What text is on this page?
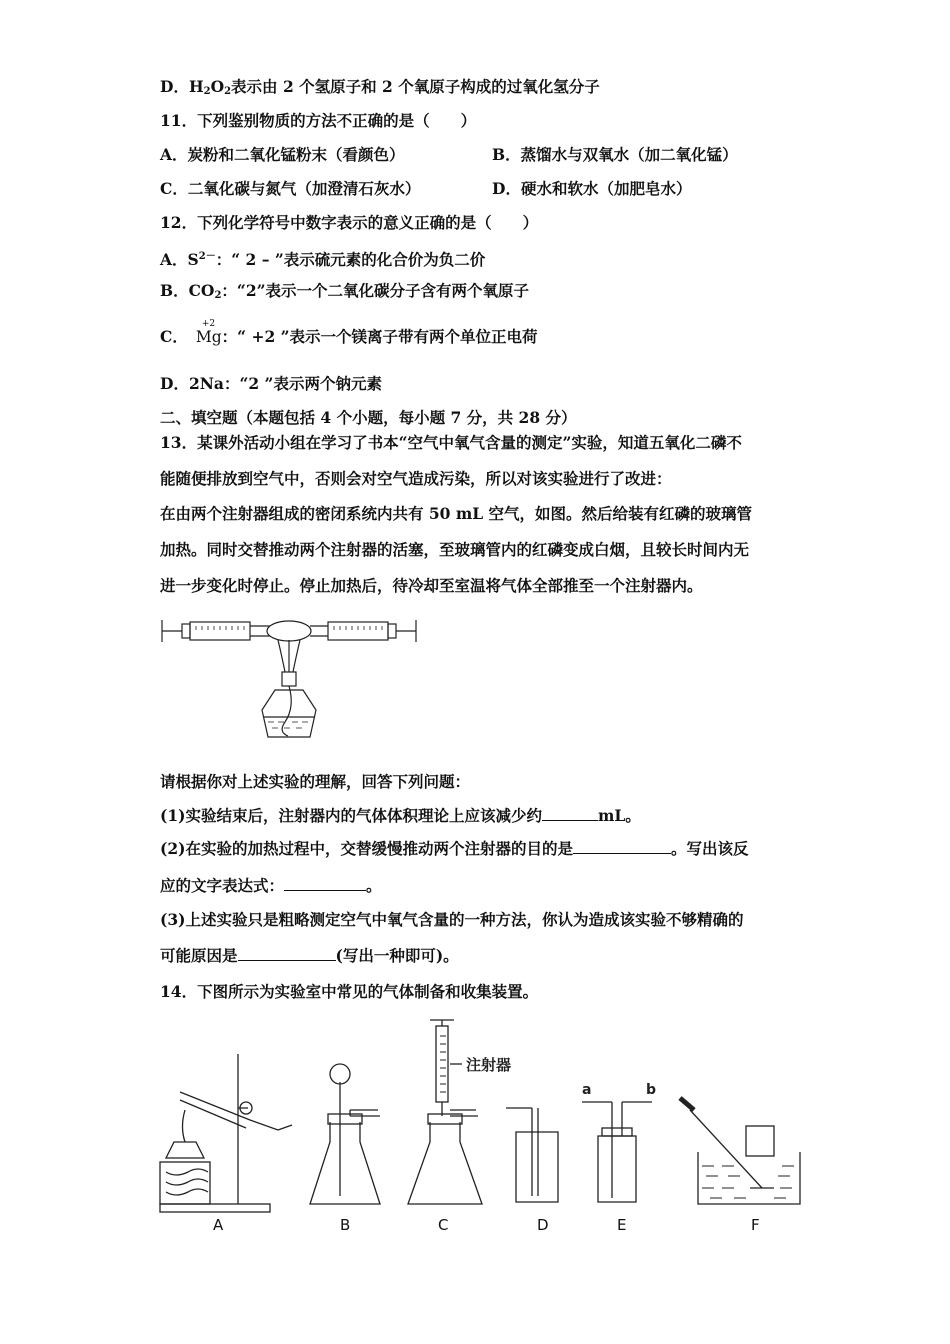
D．$H_2O_2$表示由 2 个氢原子和 2 个氧原子构成的过氧化氢分子
11．下列鉴别物质的方法不正确的是（　　）
A．炭粉和二氧化锰粉末（看颜色）	B．蒸馏水与双氧水（加二氧化锰）
C．二氧化碳与氮气（加澄清石灰水）	D．硬水和软水（加肥皂水）
12．下列化学符号中数字表示的意义正确的是（　　）
A．$S^{2-}$：“ 2 – ”表示硫元素的化合价为负二价
B．$CO_2$：“2”表示一个二氧化碳分子含有两个氧原子
C．
+2
Mg：“ +2 ”表示一个镁离子带有两个单位正电荷
D．2Na：“2 ”表示两个钠元素
二、填空题（本题包括 4 个小题，每小题 7 分，共 28 分）
13．某课外活动小组在学习了书本“空气中氧气含量的测定”实验，知道五氧化二磷不
能随便排放到空气中，否则会对空气造成污染，所以对该实验进行了改进：
在由两个注射器组成的密闭系统内共有 50 mL 空气，如图。然后给装有红磷的玻璃管
加热。同时交替推动两个注射器的活塞，至玻璃管内的红磷变成白烟，且较长时间内无
进一步变化时停止。停止加热后，待冷却至室温将气体全部推至一个注射器内。
请根据你对上述实验的理解，回答下列问题：
(1)实验结束后，注射器内的气体体积理论上应该减少约	mL。
(2)在实验的加热过程中，交替缓慢推动两个注射器的目的是	。写出该反
应的文字表达式：	。
(3)上述实验只是粗略测定空气中氧气含量的一种方法，你认为造成该实验不够精确的
可能原因是	(写出一种即可)。
14．下图所示为实验室中常见的气体制备和收集装置。
注射器
a	b
A	B	C	D	E	F
